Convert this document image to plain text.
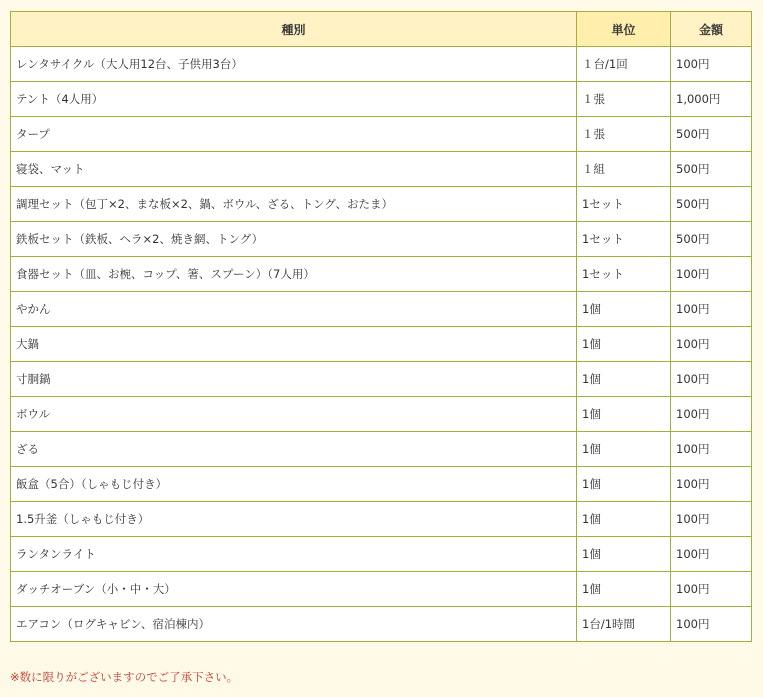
種別	単位	金額
レンタサイクル（大人用12台、子供用3台）	１台/1回	100円
テント（4人用）	１張	1,000円
タープ	１張	500円
寝袋、マット	１組	500円
調理セット（包丁×2、まな板×2、鍋、ボウル、ざる、トング、おたま）	1セット	500円
鉄板セット（鉄板、ヘラ×2、焼き網、トング）	1セット	500円
食器セット（皿、お椀、コップ、箸、スプーン）（7人用）	1セット	100円
やかん	1個	100円
大鍋	1個	100円
寸胴鍋	1個	100円
ボウル	1個	100円
ざる	1個	100円
飯盒（5合）（しゃもじ付き）	1個	100円
1.5升釜（しゃもじ付き）	1個	100円
ランタンライト	1個	100円
ダッチオーブン（小・中・大）	1個	100円
エアコン（ログキャビン、宿泊棟内）	1台/1時間	100円
※数に限りがございますのでご了承下さい。
